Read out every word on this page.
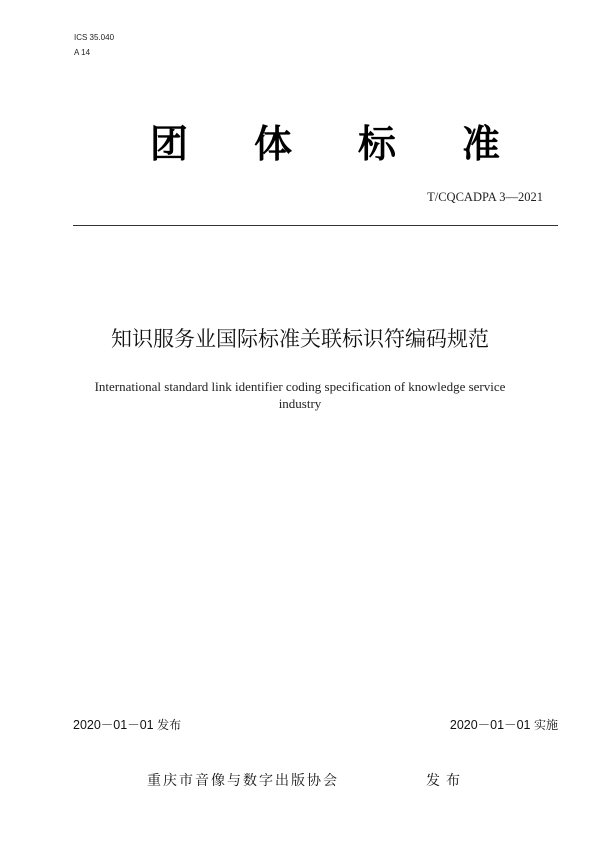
ICS 35.040
A 14
团 体 标 准
T/CQCADPA 3—2021
知识服务业国际标准关联标识符编码规范
International standard link identifier coding specification of knowledge service
industry
2020－01－01 发布	2020－01－01 实施
重庆市音像与数字出版协会	发布
